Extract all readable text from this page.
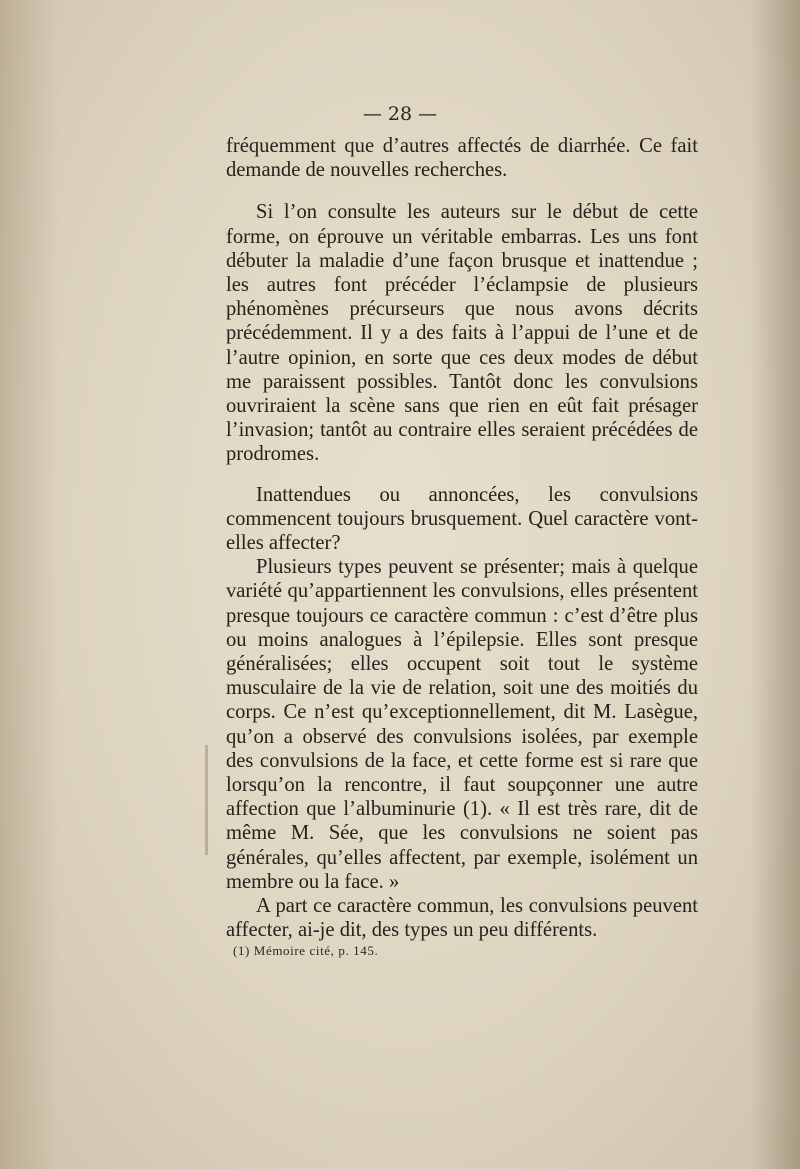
— 28 —

fréquemment que d’autres affectés de diarrhée. Ce fait demande de nouvelles recherches.

Si l’on consulte les auteurs sur le début de cette forme, on éprouve un véritable embarras. Les uns font débuter la maladie d’une façon brusque et inattendue ; les autres font précéder l’éclampsie de plusieurs phénomènes précurseurs que nous avons décrits précédemment. Il y a des faits à l’appui de l’une et de l’autre opinion, en sorte que ces deux modes de début me paraissent possibles. Tantôt donc les convulsions ouvriraient la scène sans que rien en eût fait présager l’invasion; tantôt au contraire elles seraient précédées de prodromes.

Inattendues ou annoncées, les convulsions commencent toujours brusquement. Quel caractère vont-elles affecter?

Plusieurs types peuvent se présenter; mais à quelque variété qu’appartiennent les convulsions, elles présentent presque toujours ce caractère commun : c’est d’être plus ou moins analogues à l’épilepsie. Elles sont presque généralisées; elles occupent soit tout le système musculaire de la vie de relation, soit une des moitiés du corps. Ce n’est qu’exceptionnellement, dit M. Lasègue, qu’on a observé des convulsions isolées, par exemple des convulsions de la face, et cette forme est si rare que lorsqu’on la rencontre, il faut soupçonner une autre affection que l’albuminurie (1). « Il est très rare, dit de même M. Sée, que les convulsions ne soient pas générales, qu’elles affectent, par exemple, isolément un membre ou la face. »

A part ce caractère commun, les convulsions peuvent affecter, ai-je dit, des types un peu différents.

(1) Mémoire cité, p. 145.
